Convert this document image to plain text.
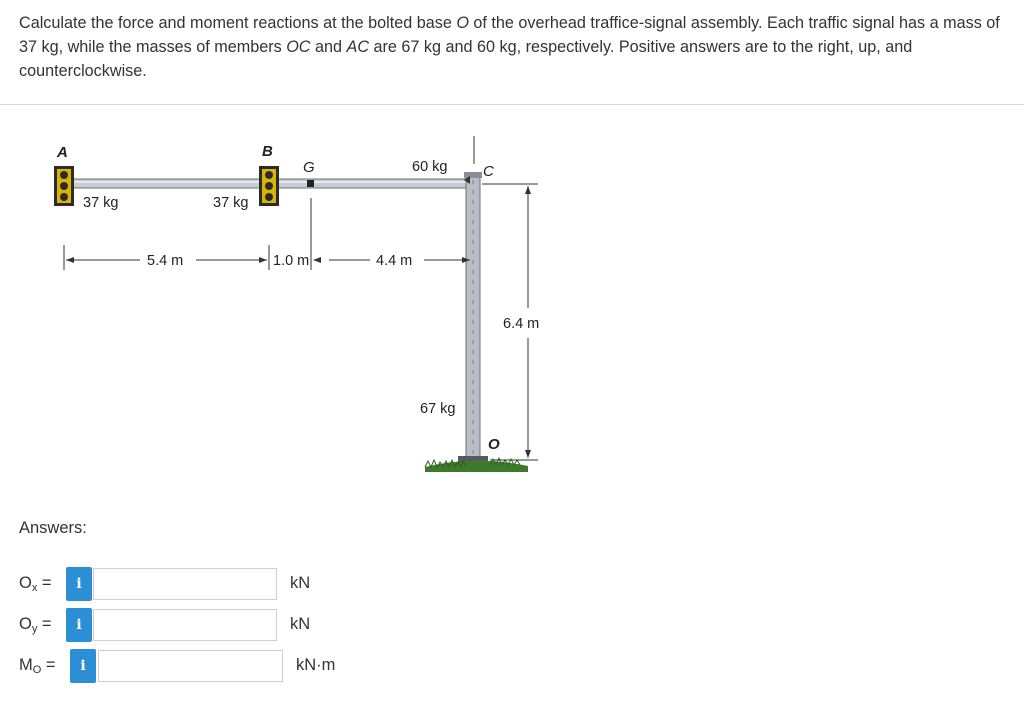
Calculate the force and moment reactions at the bolted base O of the overhead traffice-signal assembly. Each traffic signal has a mass of 37 kg, while the masses of members OC and AC are 67 kg and 60 kg, respectively. Positive answers are to the right, up, and counterclockwise.
A	B
G	C
O
37 kg	37 kg
60 kg
67 kg
5.4 m	1.0 m	4.4 m
6.4 m
Answers:
$O_x$ =	i	kN
$O_y$ =	i	kN
$M_O$ =	i	kN·m
